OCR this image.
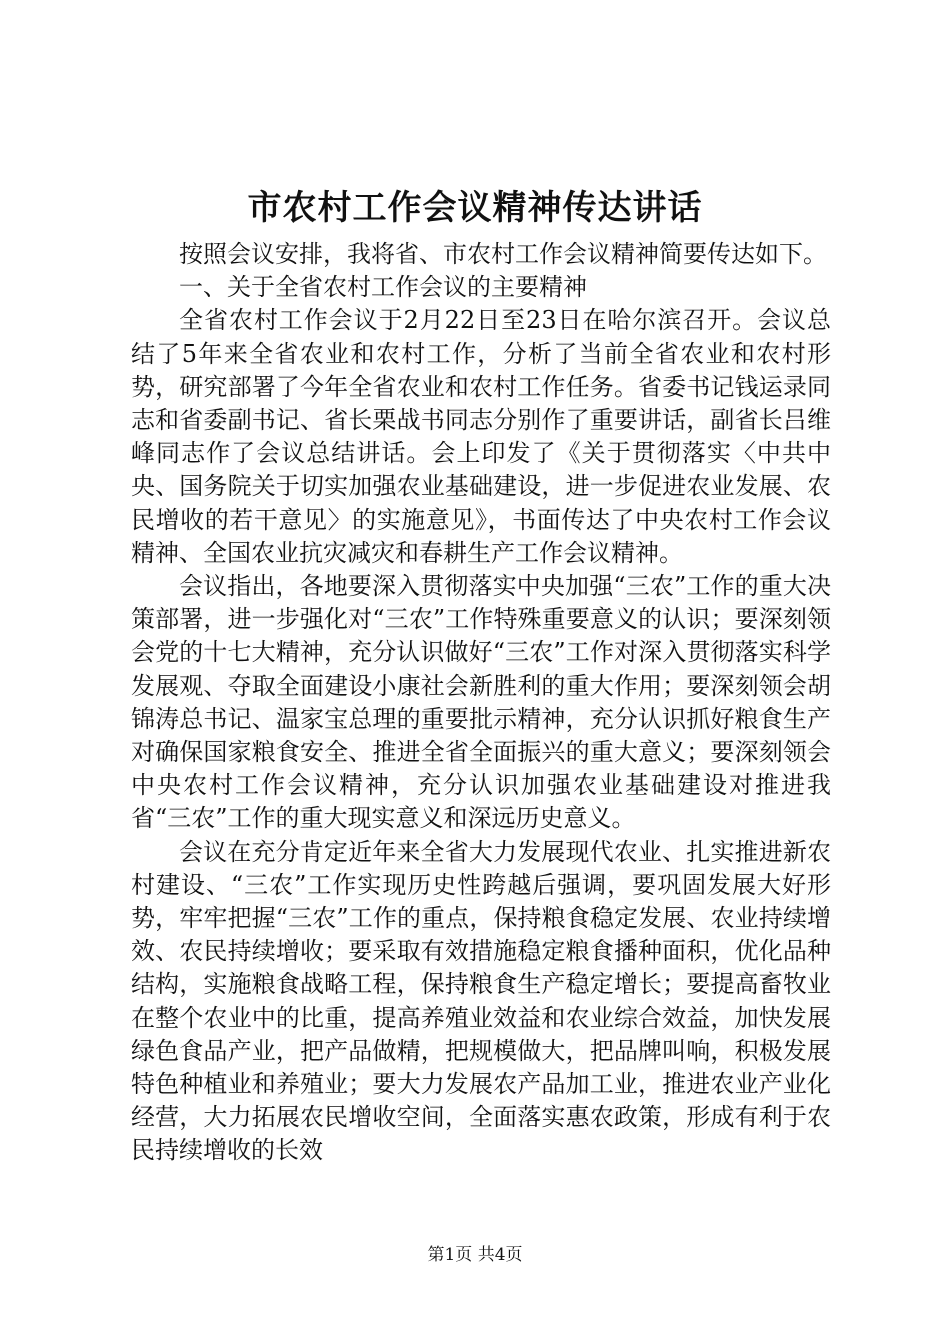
市农村工作会议精神传达讲话

按照会议安排，我将省、市农村工作会议精神简要传达如下。

一、关于全省农村工作会议的主要精神

全省农村工作会议于2月22日至23日在哈尔滨召开。会议总结了5年来全省农业和农村工作，分析了当前全省农业和农村形势，研究部署了今年全省农业和农村工作任务。省委书记钱运录同志和省委副书记、省长栗战书同志分别作了重要讲话，副省长吕维峰同志作了会议总结讲话。会上印发了《关于贯彻落实〈中共中央、国务院关于切实加强农业基础建设，进一步促进农业发展、农民增收的若干意见〉的实施意见》，书面传达了中央农村工作会议精神、全国农业抗灾减灾和春耕生产工作会议精神。

会议指出，各地要深入贯彻落实中央加强“三农”工作的重大决策部署，进一步强化对“三农”工作特殊重要意义的认识；要深刻领会党的十七大精神，充分认识做好“三农”工作对深入贯彻落实科学发展观、夺取全面建设小康社会新胜利的重大作用；要深刻领会胡锦涛总书记、温家宝总理的重要批示精神，充分认识抓好粮食生产对确保国家粮食安全、推进全省全面振兴的重大意义；要深刻领会中央农村工作会议精神，充分认识加强农业基础建设对推进我省“三农”工作的重大现实意义和深远历史意义。

会议在充分肯定近年来全省大力发展现代农业、扎实推进新农村建设、“三农”工作实现历史性跨越后强调，要巩固发展大好形势，牢牢把握“三农”工作的重点，保持粮食稳定发展、农业持续增效、农民持续增收；要采取有效措施稳定粮食播种面积，优化品种结构，实施粮食战略工程，保持粮食生产稳定增长；要提高畜牧业在整个农业中的比重，提高养殖业效益和农业综合效益，加快发展绿色食品产业，把产品做精，把规模做大，把品牌叫响，积极发展特色种植业和养殖业；要大力发展农产品加工业，推进农业产业化经营，大力拓展农民增收空间，全面落实惠农政策，形成有利于农民持续增收的长效

第1页 共4页
